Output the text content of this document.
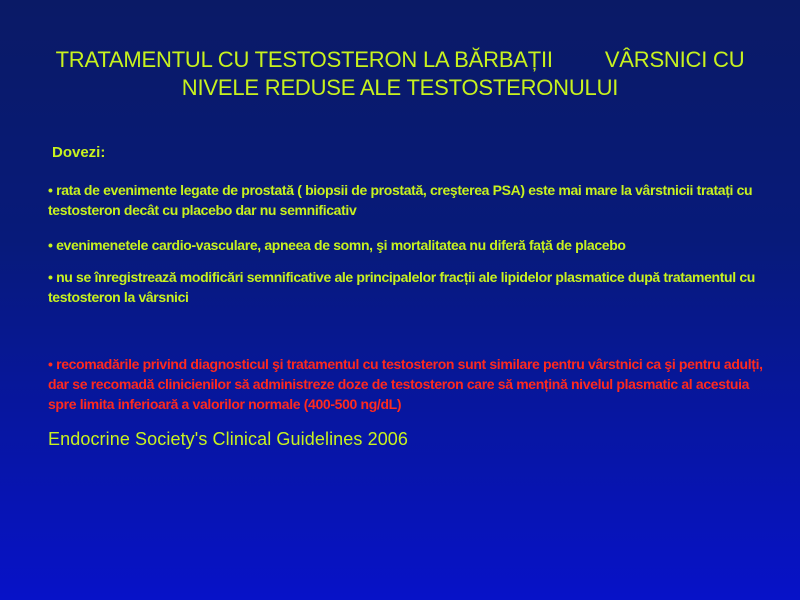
TRATAMENTUL CU TESTOSTERON LA BĂRBAȚII VÂRSNICI CU
NIVELE REDUSE ALE TESTOSTERONULUI
Dovezi:
• rata de evenimente legate de prostată ( biopsii de prostată, creşterea PSA) este mai mare la vârstnicii tratați cu testosteron decât cu placebo dar nu semnificativ
• evenimenetele cardio-vasculare, apneea de somn, şi mortalitatea nu diferă față de placebo
• nu se înregistrează modificări semnificative ale principalelor fracții ale lipidelor plasmatice după tratamentul cu testosteron la vârsnici
• recomadările privind diagnosticul şi tratamentul cu testosteron sunt similare pentru vârstnici ca şi pentru adulți, dar se recomadă clinicienilor să administreze doze de testosteron care să mențină nivelul plasmatic al acestuia spre limita inferioară a valorilor normale (400-500 ng/dL)
Endocrine Society's Clinical Guidelines 2006
